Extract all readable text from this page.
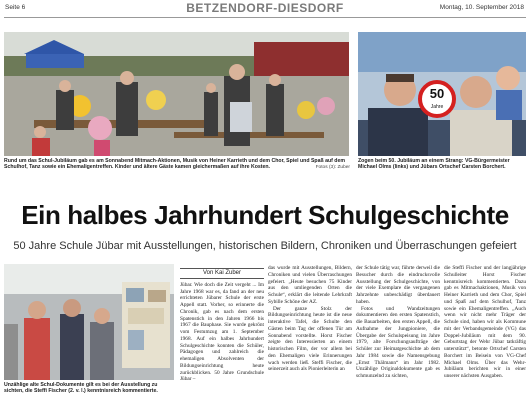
Seite 6	BETZENDORF-DIESDORF	Montag, 10. September 2018
Rund um das Schul-Jubiläum gab es am Sonnabend Mitmach-Aktionen, Musik von Heiner Karrieth und dem Chor, Spiel und Spaß auf dem Schulhof, Tanz sowie ein Ehemaligentreffen. Kinder und ältere Gäste kamen gleichermaßen auf ihre Kosten.	Fotos (3): Zuber
50
Jahre
Zogen beim 50. Jubiläum an einem Strang: VG-Bürgermeister Michael Olms (links) und Jübars Ortschef Carsten Borchert.
Ein halbes Jahrhundert Schulgeschichte
50 Jahre Schule Jübar mit Ausstellungen, historischen Bildern, Chroniken und Überraschungen gefeiert
Unzählige alte Schul-Dokumente gilt es bei der Ausstellung zu sichten, die Steffi Fischer (2. v. l.) kenntnisreich kommentierte.
Von Kai Zuber

Jübar. Wie doch die Zeit vergeht ... Im Jahre 1968 war es, da fand an der neu errichteten Jübarer Schule der erste Appell statt. Vorher, so erinnerte die Chronik, gab es nach dem ersten Spatenstich in den Jahren 1966 bis 1967 die Bauphase. Sie wurde gekrönt vom Festumzug am 1. September 1968. Auf ein halbes Jahrhundert Schulgeschichte konnten die Schüler, Pädagogen und zahlreich die ehemaligen Absolventen der Bildungseinrichtung heute zurückblicken. 50 Jahre Grundschule Jübar –

das wurde mit Ausstellungen, Bildern, Chroniken und vielen Überraschungen gefeiert. „Heute besuchen 75 Kinder aus den umliegenden Orten die Schule“, erklärt die leitende Lehrkraft Sybille Schöne der AZ.

Der ganze Stolz der Bildungseinrichtung heute ist die neue interaktive Tafel, die Schulte den Gästen beim Tag der offenen Tür am Sonnabend vorstellte. Horst Fischer zeigte den Interessierten an einem historischen Film, der vor allem bei den Ehemaligen viele Erinnerungen wach werden ließ. Steffi Fischer, die seinerzeit auch als Pionierleiterin an

der Schule tätig war, führte derweil die Besucher durch die eindrucksvolle Ausstellung der Schulgeschichte, von der viele Exemplare die vergangenen Jahrzehnte unbeschädigt überdauert haben.

Fotos und Wandzeitungen dokumentieren den ersten Spatenstich, die Bauarbeiten, den ersten Appell, die Aufnahme der Jungpioniere, die Übergabe der Schulspeisung im Jahre 1979, alte Forschungsaufträge der Schüler zur Heimatgeschichte ab dem Jahr 1984 sowie die Namensgebung „Ernst Thälmann“ im Jahr 1982. Unzählige Originaldokumente gab es schmunzelnd zu sichten,

die Steffi Fischer und der langjährige Schulleiter Horst Fischer kenntnisreich kommentierten. Dazu gab es Mitmachaktionen, Musik von Heiner Karrieth und dem Chor, Spiel und Spaß auf dem Schulhof, Tanz sowie ein Ehemaligentreffen. „Auch wenn wir nicht mehr Träger der Schule sind, haben wir als Kommune mit der Verbandsgemeinde (VG) das Doppel-Jubiläum mit dem 90. Geburtstag der Wehr Jübar tatkräftig unterstützt“, betonte Ortschef Carsten Borchert im Beisein von VG-Chef Michael Olms. Über das Wehr-Jubiläum berichten wir in einer unserer nächsten Ausgaben.
